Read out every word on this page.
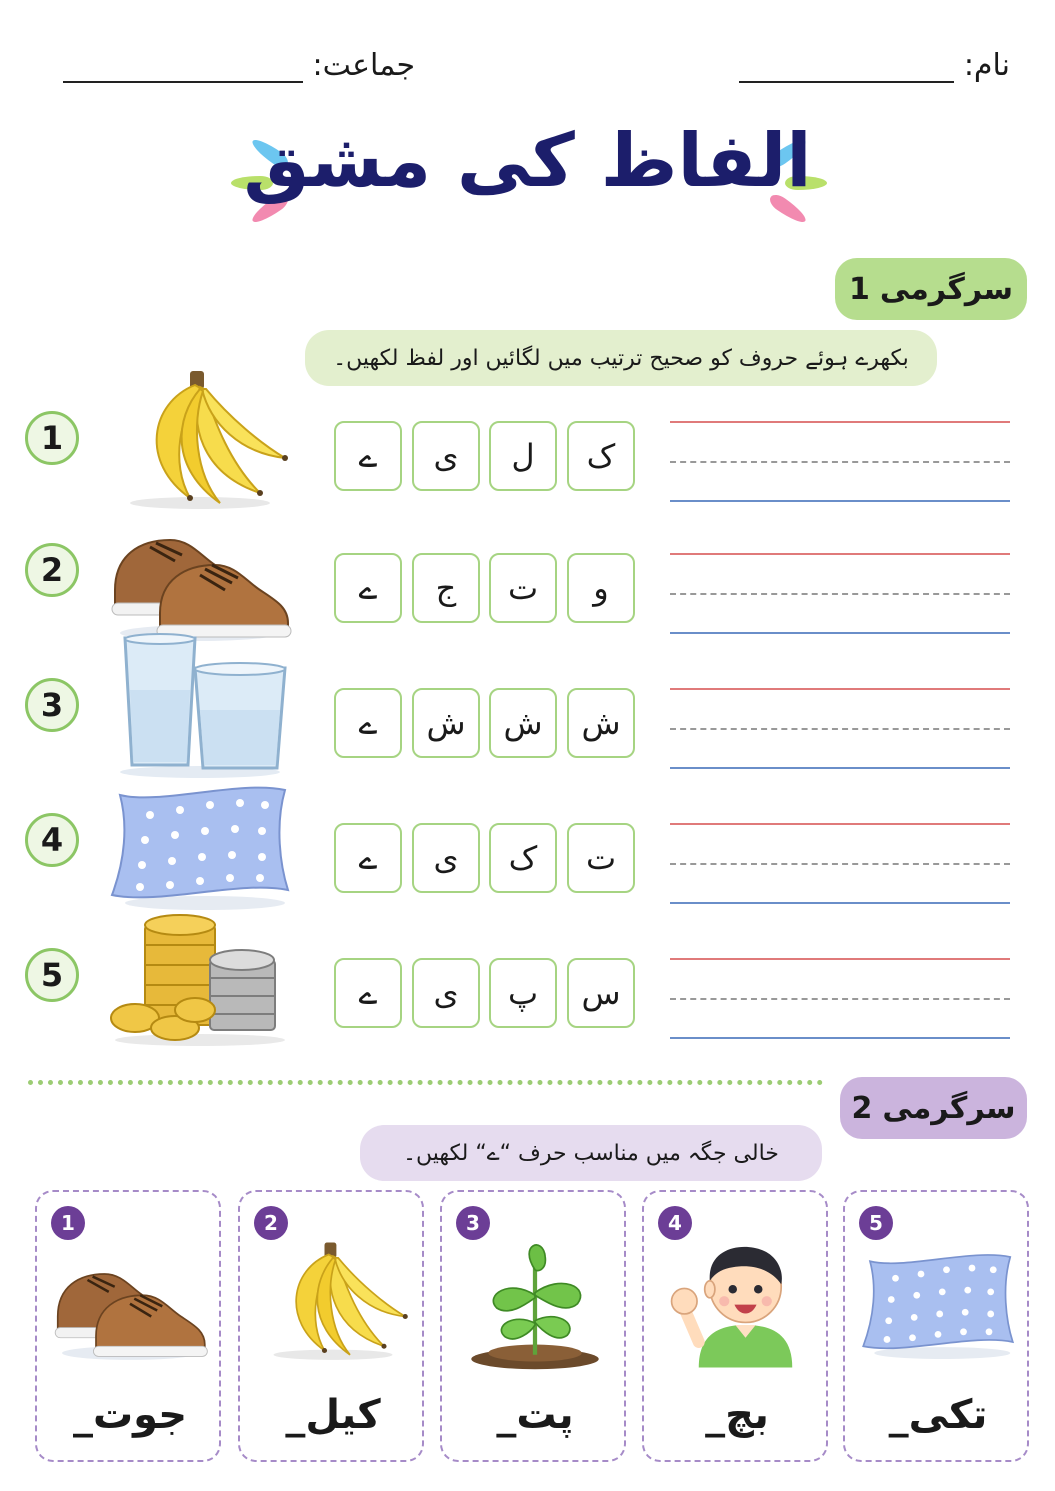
نام:
جماعت:
الفاظ کی مشق
سرگرمی
1
بکھرے ہوئے حروف کو صحیح ترتیب میں لگائیں اور لفظ لکھیں۔
1	ک
ل
ی
ے
2	و
ت
ج
ے
3	ش
ش
ش
ے
4	ت
ک
ی
ے
5	س
پ
ی
ے
سرگرمی
2
خالی جگہ میں مناسب حرف “ے“ لکھیں۔
1
جوت_
2
کیل_
3
پت_
4
بچ_
5
تکی_
